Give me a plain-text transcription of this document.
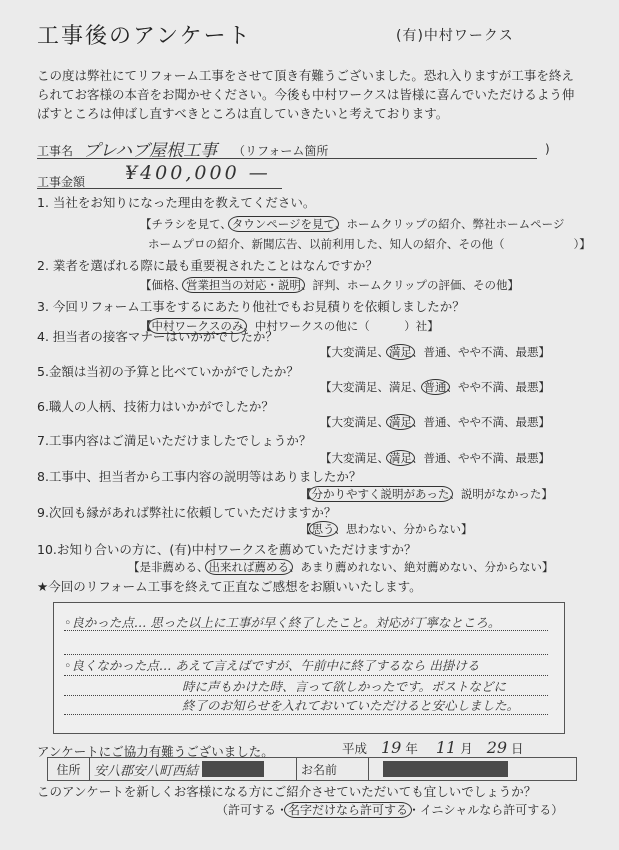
工事後のアンケート	(有)中村ワークス
この度は弊社にてリフォーム工事をさせて頂き有難うございました。恐れ入りますが工事を終えられてお客様の本音をお聞かせください。今後も中村ワークスは皆様に喜んでいただけるよう伸ばすところは伸ばし直すべきところは直していきたいと考えております。
工事名 プレハブ屋根工事 （リフォーム箇所	)
工事金額 ¥400,000 —
1. 当社をお知りになった理由を教えてください。
【チラシを見て、タウンページを見て、ホームクリップの紹介、弊社ホームページ
ホームプロの紹介、新聞広告、以前利用した、知人の紹介、その他（　　　　　　）】
2. 業者を選ばれる際に最も重要視されたことはなんですか？
【価格、営業担当の対応・説明、評判、ホームクリップの評価、その他】
3. 今回リフォーム工事をするにあたり他社でもお見積りを依頼しましたか？
【中村ワークスのみ、中村ワークスの他に（　　　）社】
4. 担当者の接客マナーはいかがでしたか？
【大変満足、満足、普通、やや不満、最悪】
5.金額は当初の予算と比べていかがでしたか？
【大変満足、満足、普通、やや不満、最悪】
6.職人の人柄、技術力はいかがでしたか？
【大変満足、満足、普通、やや不満、最悪】
7.工事内容はご満足いただけましたでしょうか？
【大変満足、満足、普通、やや不満、最悪】
8.工事中、担当者から工事内容の説明等はありましたか？
【分かりやすく説明があった、説明がなかった】
9.次回も縁があれば弊社に依頼していただけますか？
【思う、思わない、分からない】
10.お知り合いの方に、(有)中村ワークスを薦めていただけますか？
【是非薦める、出来れば薦める、あまり薦めれない、絶対薦めない、分からない】
★今回のリフォーム工事を終えて正直なご感想をお願いいたします。
◦良かった点… 思った以上に工事が早く終了したこと。対応が丁寧なところ。
◦良くなかった点… あえて言えばですが、午前中に終了するなら 出掛ける
時に声もかけた時、言って欲しかったです。ポストなどに
終了のお知らせを入れておいていただけると安心しました。
アンケートにご協力有難うございました。	平成 19 年 11 月 29 日
住所	安八郡安八町西結	お名前
このアンケートを新しくお客様になる方にご紹介させていただいても宜しいでしょうか？
（許可する・名字だけなら許可する・イニシャルなら許可する）
